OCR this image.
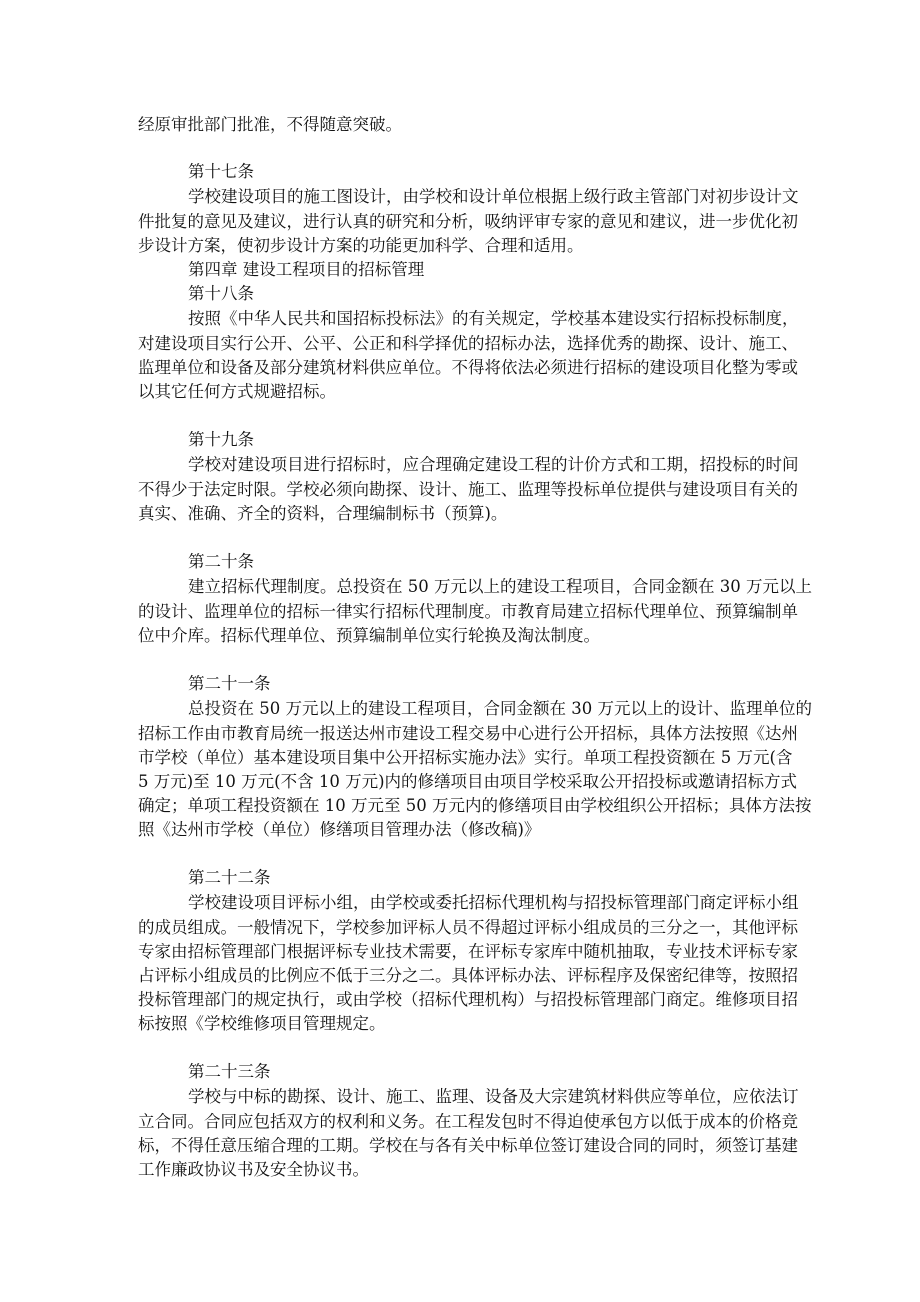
经原审批部门批准，不得随意突破。
第十七条
学校建设项目的施工图设计，由学校和设计单位根据上级行政主管部门对初步设计文
件批复的意见及建议，进行认真的研究和分析，吸纳评审专家的意见和建议，进一步优化初
步设计方案，使初步设计方案的功能更加科学、合理和适用。
第四章 建设工程项目的招标管理
第十八条
按照《中华人民共和国招标投标法》的有关规定，学校基本建设实行招标投标制度，
对建设项目实行公开、公平、公正和科学择优的招标办法，选择优秀的勘探、设计、施工、
监理单位和设备及部分建筑材料供应单位。不得将依法必须进行招标的建设项目化整为零或
以其它任何方式规避招标。
第十九条
学校对建设项目进行招标时，应合理确定建设工程的计价方式和工期，招投标的时间
不得少于法定时限。学校必须向勘探、设计、施工、监理等投标单位提供与建设项目有关的
真实、准确、齐全的资料，合理编制标书（预算)。
第二十条
建立招标代理制度。总投资在 50 万元以上的建设工程项目，合同金额在 30 万元以上
的设计、监理单位的招标一律实行招标代理制度。市教育局建立招标代理单位、预算编制单
位中介库。招标代理单位、预算编制单位实行轮换及淘汰制度。
第二十一条
总投资在 50 万元以上的建设工程项目，合同金额在 30 万元以上的设计、监理单位的
招标工作由市教育局统一报送达州市建设工程交易中心进行公开招标，具体方法按照《达州
市学校（单位）基本建设项目集中公开招标实施办法》实行。单项工程投资额在 5 万元(含
5 万元)至 10 万元(不含 10 万元)内的修缮项目由项目学校采取公开招投标或邀请招标方式
确定；单项工程投资额在 10 万元至 50 万元内的修缮项目由学校组织公开招标；具体方法按
照《达州市学校（单位）修缮项目管理办法（修改稿)》
第二十二条
学校建设项目评标小组，由学校或委托招标代理机构与招投标管理部门商定评标小组
的成员组成。一般情况下，学校参加评标人员不得超过评标小组成员的三分之一，其他评标
专家由招标管理部门根据评标专业技术需要，在评标专家库中随机抽取，专业技术评标专家
占评标小组成员的比例应不低于三分之二。具体评标办法、评标程序及保密纪律等，按照招
投标管理部门的规定执行，或由学校（招标代理机构）与招投标管理部门商定。维修项目招
标按照《学校维修项目管理规定。
第二十三条
学校与中标的勘探、设计、施工、监理、设备及大宗建筑材料供应等单位，应依法订
立合同。合同应包括双方的权利和义务。在工程发包时不得迫使承包方以低于成本的价格竞
标，不得任意压缩合理的工期。学校在与各有关中标单位签订建设合同的同时，须签订基建
工作廉政协议书及安全协议书。
